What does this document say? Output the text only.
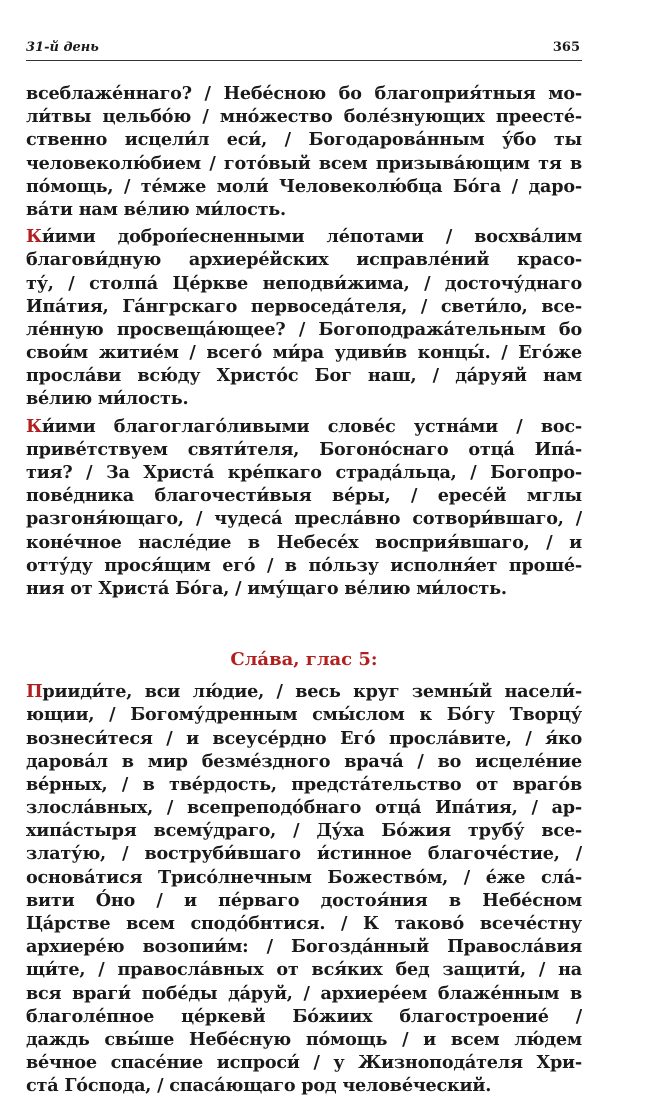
31-й день	365
всеблаже́ннаго? / Небе́сною бо благоприя́тныя мо-
ли́твы цельбо́ю / мно́жество боле́знующих преесте́-
ственно исцели́л еси́, / Богодарова́нным у́бо ты
человеколю́бием / гото́вый всем призыва́ющим тя в
по́мощь, / те́мже моли́ Человеколю́бца Бо́га / даро-
ва́ти нам ве́лию ми́лость.
Ки́ими доброп́есненными ле́потами / восхва́лим
благови́дную архиере́йских исправле́ний красо-
ту́, / столпа́ Це́ркве неподви́жима, / досточу́днаго
Ипа́тия, Га́нгрскаго первоседа́теля, / свети́ло, все-
ле́нную просвеща́ющее? / Богоподража́тельным бо
свои́м житие́м / всего́ ми́ра удиви́в концы́. / Его́же
просла́ви всю́ду Христо́с Бог наш, / да́руяй нам
ве́лию ми́лость.
Ки́ими благоглаго́ливыми слове́с устна́ми / вос-
приве́тствуем святи́теля, Богоно́снаго отца́ Ипа́-
тия? / За Христа́ кре́пкаго страда́льца, / Богопро-
пове́дника благочести́выя ве́ры, / ересе́й мглы
разгоня́ющаго, / чудеса́ пресла́вно сотвори́вшаго, /
коне́чное насле́дие в Небесе́х восприя́вшаго, / и
отту́ду прося́щим его́ / в по́льзу исполня́ет проше́-
ния от Христа́ Бо́га, / иму́щаго ве́лию ми́лость.
Сла́ва, глас 5:
Прииди́те, вси лю́дие, / весь круг земны́й насели́-
ющии, / Богому́дренным смы́слом к Бо́гу Творцу́
вознеси́теся / и всеусе́рдно Его́ просла́вите, / я́ко
дарова́л в мир безме́здного врача́ / во исцеле́ние
ве́рных, / в тве́рдость, предста́тельство от враго́в
злосла́вных, / всепреподо́бнаго отца́ Ипа́тия, / ар-
хипа́стыря всему́драго, / Ду́ха Бо́жия трубу́ все-
злату́ю, / воструби́вшаго и́стинное благоче́стие, /
основа́тися Трисо́лнечным Божество́м, / е́же сла́-
вити О́но / и пе́рваго достоя́ния в Небе́сном
Ца́рстве всем сподо́бнтися. / К таково́ всече́стну
архиере́ю возопии́м: / Богозда́нный Правосла́вия
щи́те, / правосла́вных от вся́ких бед защити́, / на
вся враги́ побе́ды да́руй, / архиере́ем блаже́нным в
благоле́пное це́ркевй Бо́жиих благостроение́ /
даждь свы́ше Небе́сную по́мощь / и всем лю́дем
ве́чное спасе́ние испроси́ / у Жизнопода́теля Хри-
ста́ Го́спода, / спаса́ющаго род челове́ческий.
